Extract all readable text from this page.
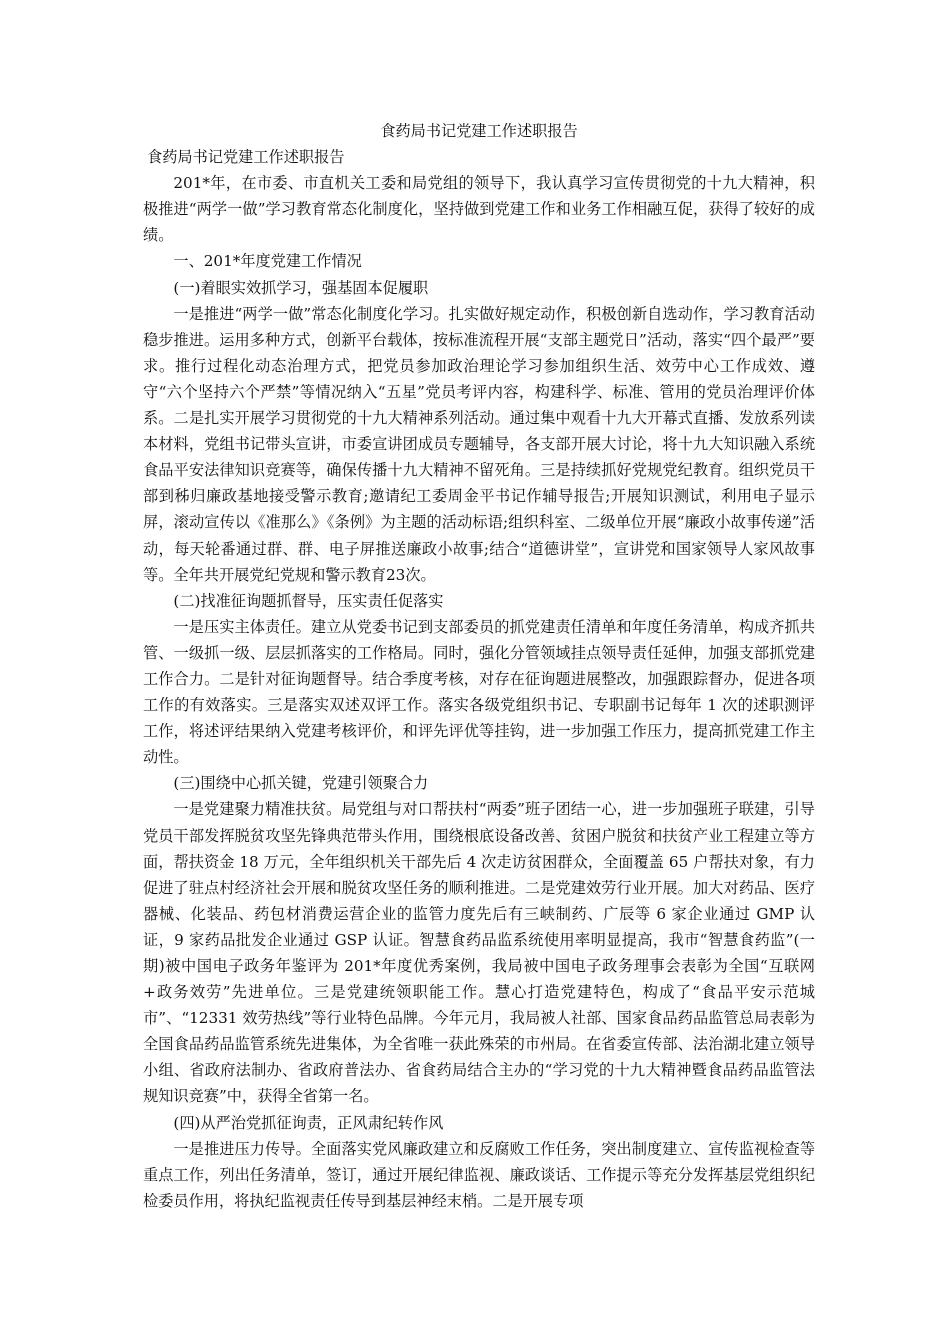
食药局书记党建工作述职报告
食药局书记党建工作述职报告

201*年，在市委、市直机关工委和局党组的领导下，我认真学习宣传贯彻党的十九大精神，积极推进“两学一做”学习教育常态化制度化，坚持做到党建工作和业务工作相融互促，获得了较好的成绩。

一、201*年度党建工作情况

(一)着眼实效抓学习，强基固本促履职

一是推进“两学一做”常态化制度化学习。扎实做好规定动作，积极创新自选动作，学习教育活动稳步推进。运用多种方式，创新平台载体，按标准流程开展“支部主题党日”活动，落实“四个最严”要求。推行过程化动态治理方式，把党员参加政治理论学习参加组织生活、效劳中心工作成效、遵守“六个坚持六个严禁”等情况纳入“五星”党员考评内容，构建科学、标准、管用的党员治理评价体系。二是扎实开展学习贯彻党的十九大精神系列活动。通过集中观看十九大开幕式直播、发放系列读本材料，党组书记带头宣讲，市委宣讲团成员专题辅导，各支部开展大讨论，将十九大知识融入系统食品平安法律知识竞赛等，确保传播十九大精神不留死角。三是持续抓好党规党纪教育。组织党员干部到秭归廉政基地接受警示教育;邀请纪工委周金平书记作辅导报告;开展知识测试，利用电子显示屏，滚动宣传以《准那么》《条例》为主题的活动标语;组织科室、二级单位开展“廉政小故事传递”活动，每天轮番通过群、群、电子屏推送廉政小故事;结合“道德讲堂”，宣讲党和国家领导人家风故事等。全年共开展党纪党规和警示教育23次。

(二)找准征询题抓督导，压实责任促落实

一是压实主体责任。建立从党委书记到支部委员的抓党建责任清单和年度任务清单，构成齐抓共管、一级抓一级、层层抓落实的工作格局。同时，强化分管领域挂点领导责任延伸，加强支部抓党建工作合力。二是针对征询题督导。结合季度考核，对存在征询题进展整改，加强跟踪督办，促进各项工作的有效落实。三是落实双述双评工作。落实各级党组织书记、专职副书记每年 1 次的述职测评工作，将述评结果纳入党建考核评价，和评先评优等挂钩，进一步加强工作压力，提高抓党建工作主动性。

(三)围绕中心抓关键，党建引领聚合力

一是党建聚力精准扶贫。局党组与对口帮扶村“两委”班子团结一心，进一步加强班子联建，引导党员干部发挥脱贫攻坚先锋典范带头作用，围绕根底设备改善、贫困户脱贫和扶贫产业工程建立等方面，帮扶资金 18 万元，全年组织机关干部先后 4 次走访贫困群众，全面覆盖 65 户帮扶对象，有力促进了驻点村经济社会开展和脱贫攻坚任务的顺利推进。二是党建效劳行业开展。加大对药品、医疗器械、化装品、药包材消费运营企业的监管力度先后有三峡制药、广辰等 6 家企业通过 GMP 认证，9 家药品批发企业通过 GSP 认证。智慧食药品监系统使用率明显提高，我市“智慧食药监”(一期)被中国电子政务年鉴评为 201*年度优秀案例，我局被中国电子政务理事会表彰为全国“互联网+政务效劳”先进单位。三是党建统领职能工作。慧心打造党建特色，构成了“食品平安示范城市”、“12331 效劳热线”等行业特色品牌。今年元月，我局被人社部、国家食品药品监管总局表彰为全国食品药品监管系统先进集体，为全省唯一获此殊荣的市州局。在省委宣传部、法治湖北建立领导小组、省政府法制办、省政府普法办、省食药局结合主办的“学习党的十九大精神暨食品药品监管法规知识竞赛”中，获得全省第一名。

(四)从严治党抓征询责，正风肃纪转作风

一是推进压力传导。全面落实党风廉政建立和反腐败工作任务，突出制度建立、宣传监视检查等重点工作，列出任务清单，签订，通过开展纪律监视、廉政谈话、工作提示等充分发挥基层党组织纪检委员作用，将执纪监视责任传导到基层神经末梢。二是开展专项
